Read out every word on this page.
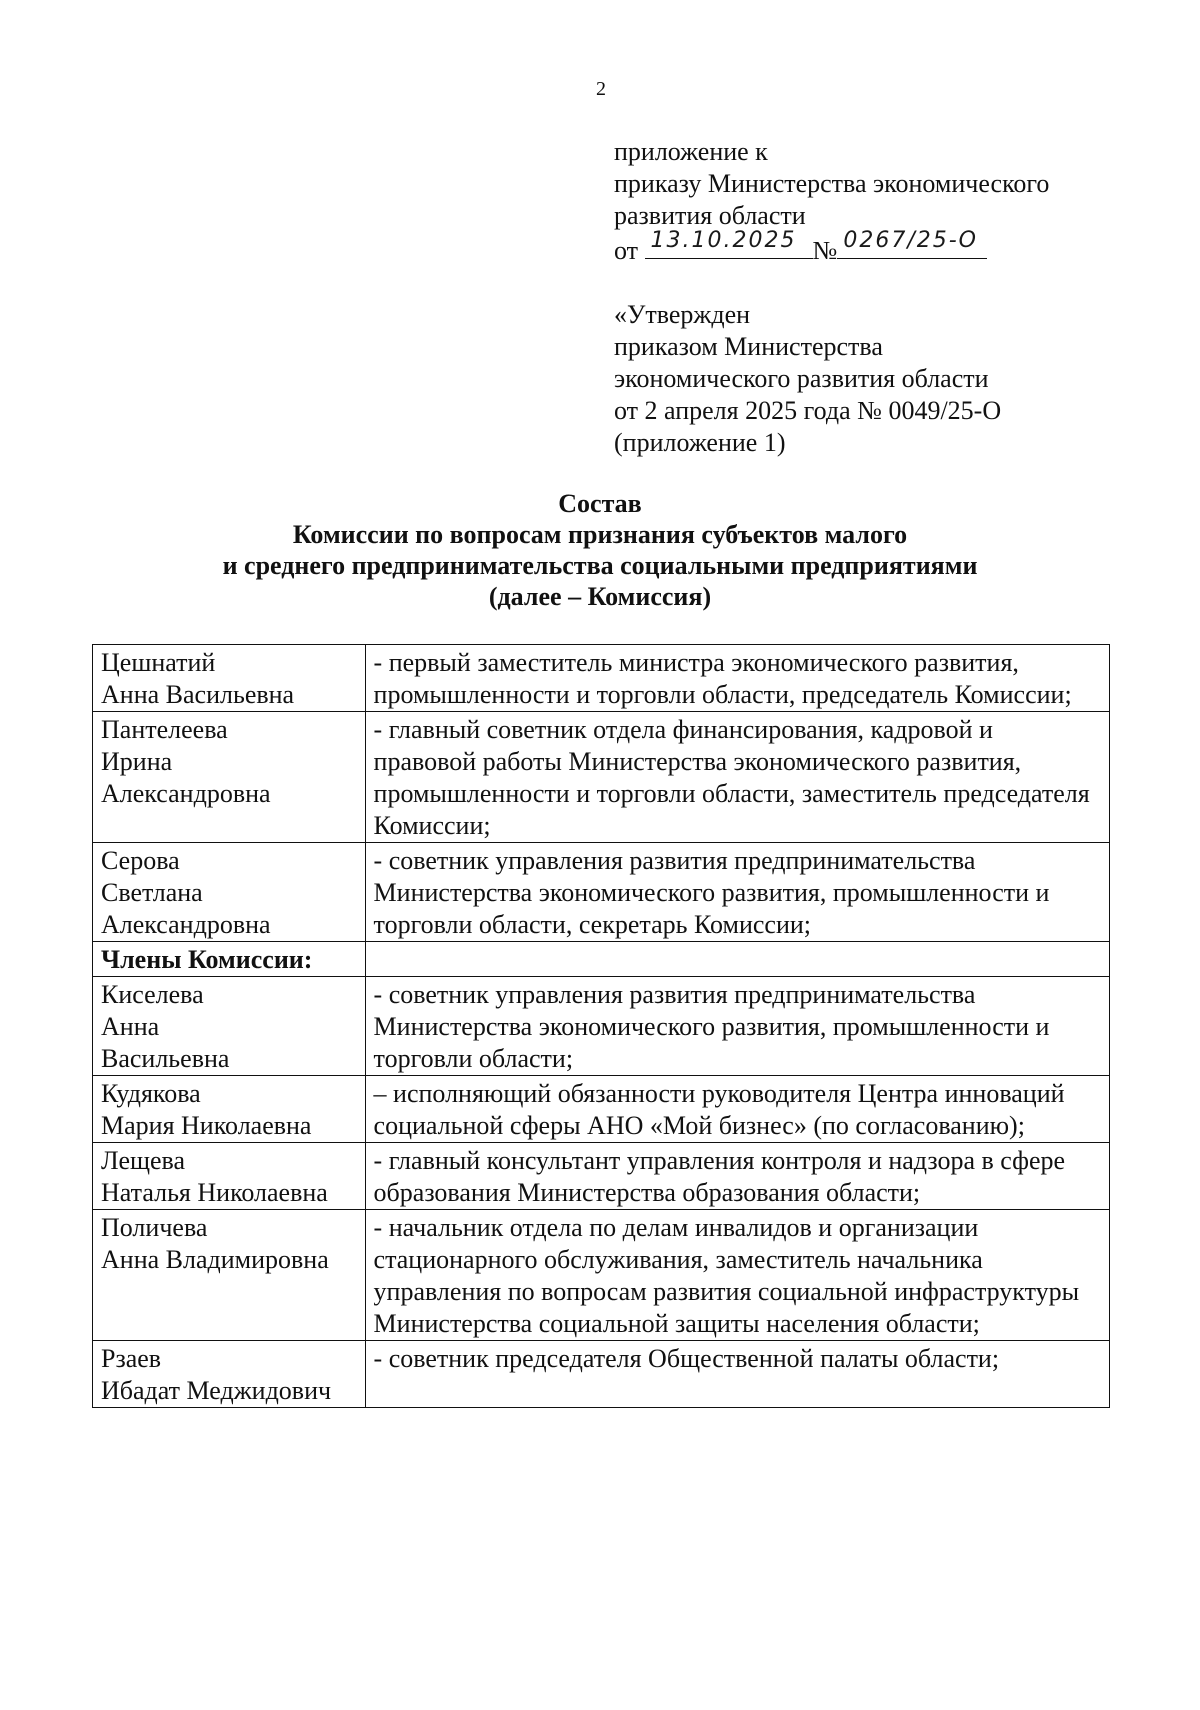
2
приложение к
приказу Министерства экономического
развития области
от 13.10.2025 № 0267/25-О
«Утвержден
приказом Министерства
экономического развития области
от 2 апреля 2025 года № 0049/25-О
(приложение 1)
Состав
Комиссии по вопросам признания субъектов малого
и среднего предпринимательства социальными предприятиями
(далее – Комиссия)
Цешнатий
Анна Васильевна	- первый заместитель министра экономического развития, промышленности и торговли области, председатель Комиссии;

Пантелеева
Ирина
Александровна	- главный советник отдела финансирования, кадровой и правовой работы Министерства экономического развития, промышленности и торговли области, заместитель председателя Комиссии;

Серова
Светлана
Александровна	- советник управления развития предпринимательства Министерства экономического развития, промышленности и торговли области, секретарь Комиссии;
Члены Комиссии:	

Киселева
Анна
Васильевна	- советник управления развития предпринимательства Министерства экономического развития, промышленности и торговли области;

Кудякова
Мария Николаевна	– исполняющий обязанности руководителя Центра инноваций социальной сферы АНО «Мой бизнес» (по согласованию);

Лещева
Наталья Николаевна	- главный консультант управления контроля и надзора в сфере образования Министерства образования области;

Поличева
Анна Владимировна	- начальник отдела по делам инвалидов и организации стационарного обслуживания, заместитель начальника управления по вопросам развития социальной инфраструктуры Министерства социальной защиты населения области;

Рзаев
Ибадат Меджидович	- советник председателя Общественной палаты области;
